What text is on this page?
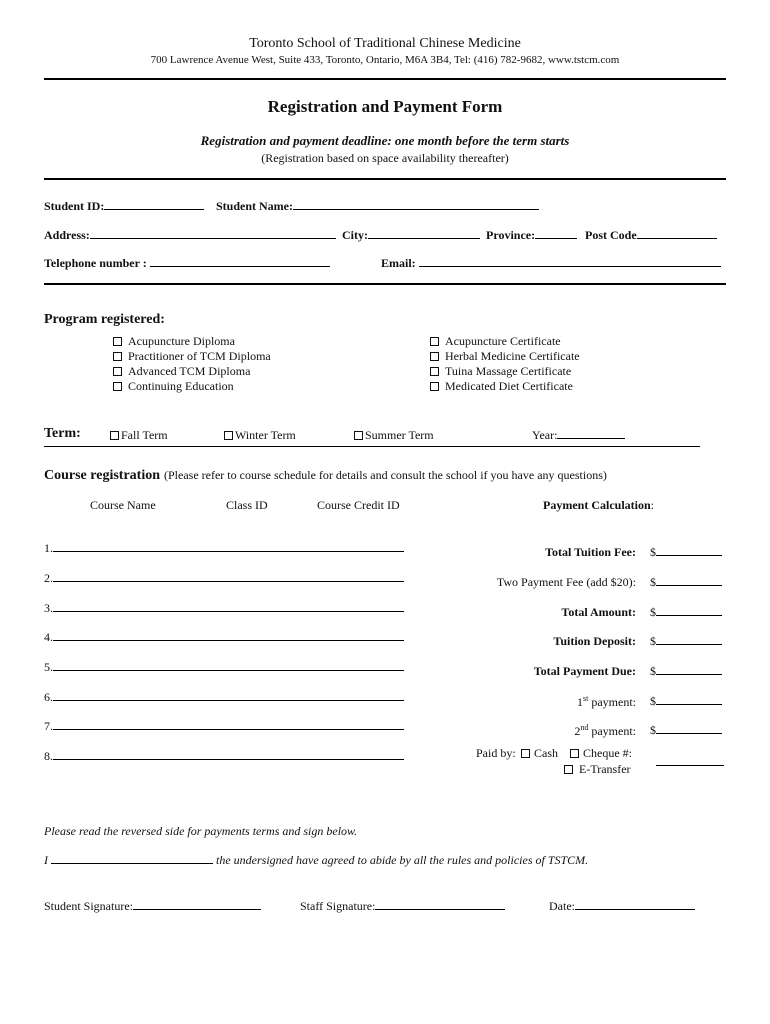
Toronto School of Traditional Chinese Medicine
700 Lawrence Avenue West, Suite 433, Toronto, Ontario, M6A 3B4, Tel: (416) 782-9682, www.tstcm.com
Registration and Payment Form
Registration and payment deadline: one month before the term starts
(Registration based on space availability thereafter)
Student ID:	Student Name:
Address:	City:	Province:	Post Code
Telephone number :	Email:
Program registered:
Acupuncture Diploma
Practitioner of TCM Diploma
Advanced TCM Diploma
Continuing Education
Acupuncture Certificate
Herbal Medicine Certificate
Tuina Massage Certificate
Medicated Diet Certificate
Term:	Fall Term	Winter Term	Summer Term	Year:
Course registration (Please refer to course schedule for details and consult the school if you have any questions)
Course Name	Class ID	Course Credit ID	Payment Calculation:
1.
2.
3.
4.
5.
6.
7.
8.
Total Tuition Fee: $
Two Payment Fee (add $20): $
Total Amount: $
Tuition Deposit: $
Total Payment Due: $
1st payment: $
2nd payment: $
Paid by:	Cash	Cheque #:
E-Transfer
Please read the reversed side for payments terms and sign below.
I	the undersigned have agreed to abide by all the rules and policies of TSTCM.
Student Signature:	Staff Signature:	Date:
